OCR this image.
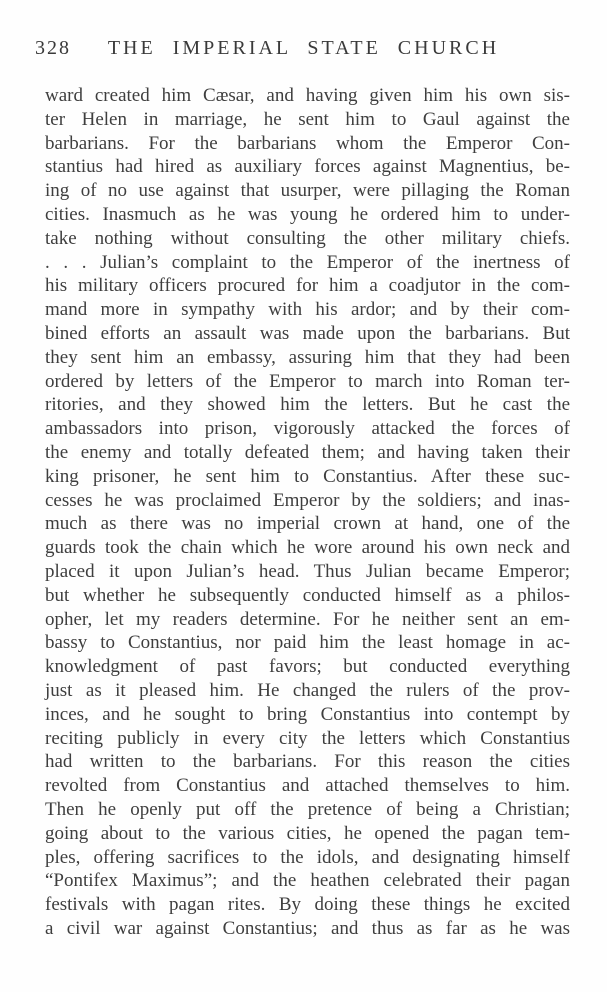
328	THE IMPERIAL STATE CHURCH
ward created him Cæsar, and having given him his own sis-
ter Helen in marriage, he sent him to Gaul against the
barbarians. For the barbarians whom the Emperor Con-
stantius had hired as auxiliary forces against Magnentius, be-
ing of no use against that usurper, were pillaging the Roman
cities. Inasmuch as he was young he ordered him to under-
take nothing without consulting the other military chiefs.
. . . Julian’s complaint to the Emperor of the inertness of
his military officers procured for him a coadjutor in the com-
mand more in sympathy with his ardor; and by their com-
bined efforts an assault was made upon the barbarians. But
they sent him an embassy, assuring him that they had been
ordered by letters of the Emperor to march into Roman ter-
ritories, and they showed him the letters. But he cast the
ambassadors into prison, vigorously attacked the forces of
the enemy and totally defeated them; and having taken their
king prisoner, he sent him to Constantius. After these suc-
cesses he was proclaimed Emperor by the soldiers; and inas-
much as there was no imperial crown at hand, one of the
guards took the chain which he wore around his own neck and
placed it upon Julian’s head. Thus Julian became Emperor;
but whether he subsequently conducted himself as a philos-
opher, let my readers determine. For he neither sent an em-
bassy to Constantius, nor paid him the least homage in ac-
knowledgment of past favors; but conducted everything
just as it pleased him. He changed the rulers of the prov-
inces, and he sought to bring Constantius into contempt by
reciting publicly in every city the letters which Constantius
had written to the barbarians. For this reason the cities
revolted from Constantius and attached themselves to him.
Then he openly put off the pretence of being a Christian;
going about to the various cities, he opened the pagan tem-
ples, offering sacrifices to the idols, and designating himself
“Pontifex Maximus”; and the heathen celebrated their pagan
festivals with pagan rites. By doing these things he excited
a civil war against Constantius; and thus as far as he was
